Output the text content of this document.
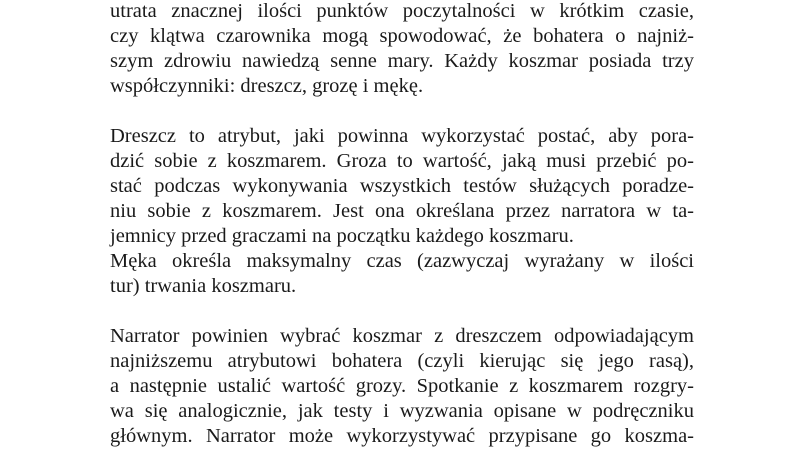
utrata znacznej ilości punktów poczytalności w krótkim czasie,

czy klątwa czarownika mogą spowodować, że bohatera o najniż-

szym zdrowiu nawiedzą senne mary. Każdy koszmar posiada trzy

współczynniki: dreszcz, grozę i mękę.

Dreszcz to atrybut, jaki powinna wykorzystać postać, aby pora-

dzić sobie z koszmarem. Groza to wartość, jaką musi przebić po-

stać podczas wykonywania wszystkich testów służących poradze-

niu sobie z koszmarem. Jest ona określana przez narratora w ta-

jemnicy przed graczami na początku każdego koszmaru.

Męka określa maksymalny czas (zazwyczaj wyrażany w ilości

tur) trwania koszmaru.

Narrator powinien wybrać koszmar z dreszczem odpowiadającym

najniższemu atrybutowi bohatera (czyli kierując się jego rasą),

a następnie ustalić wartość grozy. Spotkanie z koszmarem rozgry-

wa się analogicznie, jak testy i wyzwania opisane w podręczniku

głównym. Narrator może wykorzystywać przypisane go koszma-
